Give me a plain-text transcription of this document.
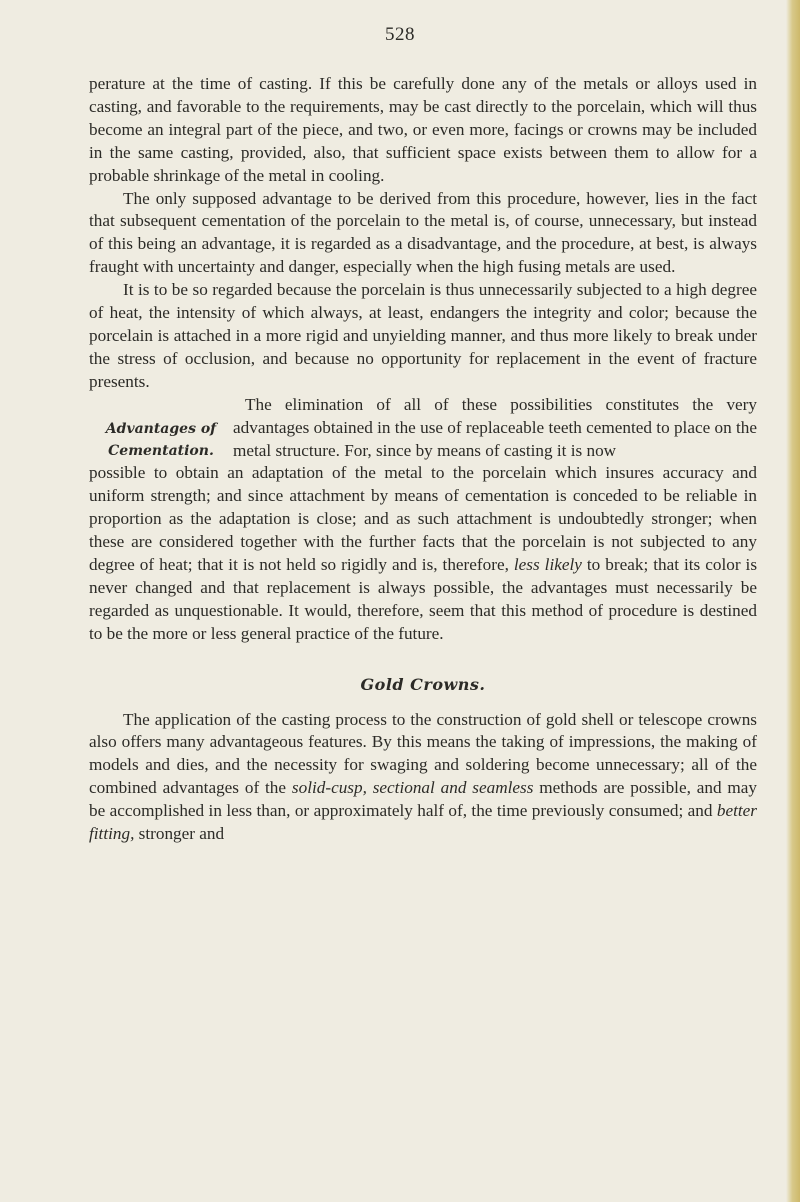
528

perature at the time of casting. If this be carefully done any of the metals or alloys used in casting, and favorable to the requirements, may be cast directly to the porcelain, which will thus become an integral part of the piece, and two, or even more, facings or crowns may be included in the same casting, provided, also, that sufficient space exists between them to allow for a probable shrinkage of the metal in cooling.

The only supposed advantage to be derived from this procedure, however, lies in the fact that subsequent cementation of the porcelain to the metal is, of course, unnecessary, but instead of this being an advantage, it is regarded as a disadvantage, and the procedure, at best, is always fraught with uncertainty and danger, especially when the high fusing metals are used.

It is to be so regarded because the porcelain is thus unnecessarily subjected to a high degree of heat, the intensity of which always, at least, endangers the integrity and color; because the porcelain is attached in a more rigid and unyielding manner, and thus more likely to break under the stress of occlusion, and because no opportunity for replacement in the event of fracture presents.

Advantages of
Cementation.

The elimination of all of these possibilities constitutes the very advantages obtained in the use of replaceable teeth cemented to place on the metal structure. For, since by means of casting it is now

possible to obtain an adaptation of the metal to the porcelain which insures accuracy and uniform strength; and since attachment by means of cementation is conceded to be reliable in proportion as the adaptation is close; and as such attachment is undoubtedly stronger; when these are considered together with the further facts that the porcelain is not subjected to any degree of heat; that it is not held so rigidly and is, therefore, less likely to break; that its color is never changed and that replacement is always possible, the advantages must necessarily be regarded as unquestionable. It would, therefore, seem that this method of procedure is destined to be the more or less general practice of the future.

Gold Crowns.

The application of the casting process to the construction of gold shell or telescope crowns also offers many advantageous features. By this means the taking of impressions, the making of models and dies, and the necessity for swaging and soldering become unnecessary; all of the combined advantages of the solid-cusp, sectional and seamless methods are possible, and may be accomplished in less than, or approximately half of, the time previously consumed; and better fitting, stronger and
